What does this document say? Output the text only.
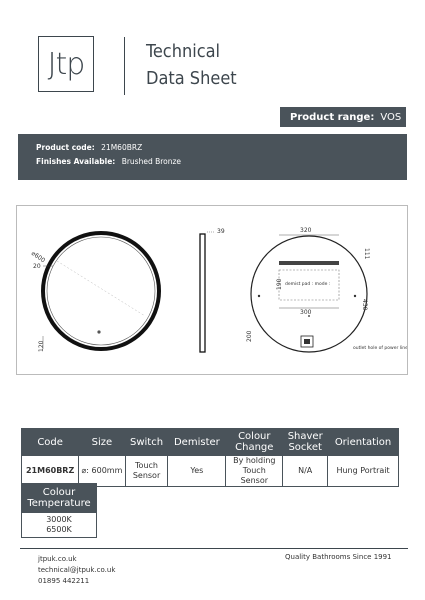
Jtp	Technical
Data Sheet
Product range: VOS
Product code: 21M60BRZ
Finishes Available: Brushed Bronze
⌀600
20
120
39	320
demist pad : mode :
300
outlet hole of power line
190
111
430
200
Code	Size	Switch	Demister	Colour Change	Shaver Socket	Orientation
21M60BRZ	⌀: 600mm	Touch Sensor	Yes	By holding Touch Sensor	N/A	Hung Portrait
Colour Temperature

3000K
6500K
jtpuk.co.uk
technical@jtpuk.co.uk
01895 442211
Quality Bathrooms Since 1991
